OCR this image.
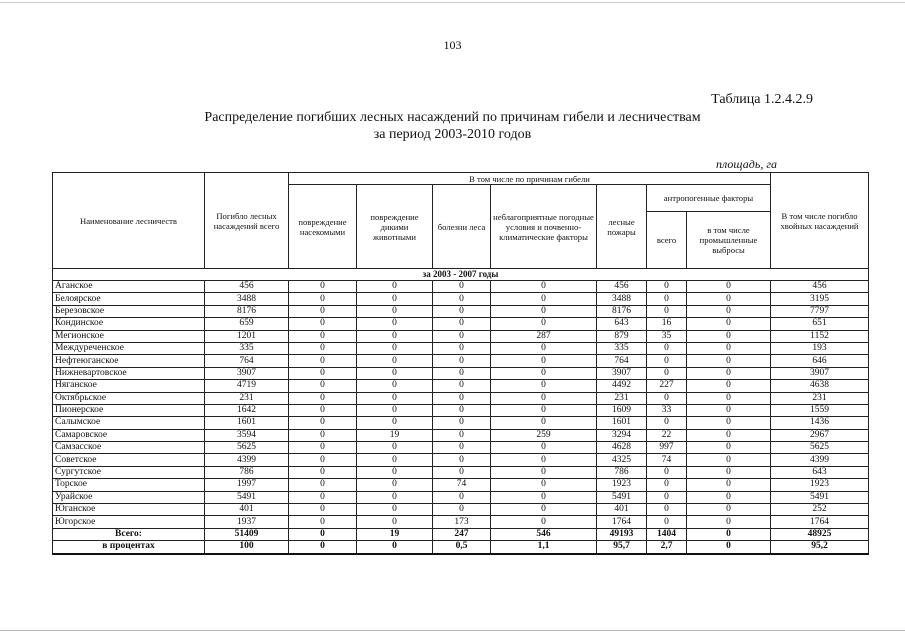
103
Таблица 1.2.4.2.9
Распределение погибших лесных насаждений по причинам гибели и лесничествам
за период 2003-2010 годов
площадь, га
Наименование лесничеств	Погибло лесных насаждений всего	В том числе по причинам гибели							В том числе погибло хвойных насаждений
		повреждение насекомыми	повреждение дикими животными	болезни леса	неблагоприятные погодные условия и почвенно-климатические факторы	лесные пожары	антропогенные факторы		
							всего	в том числе промышленные выбросы	
за 2003 - 2007 годы									
Аганское	456	0	0	0	0	456	0	0	456
Белоярское	3488	0	0	0	0	3488	0	0	3195
Березовское	8176	0	0	0	0	8176	0	0	7797
Кондинское	659	0	0	0	0	643	16	0	651
Мегионское	1201	0	0	0	287	879	35	0	1152
Междуреченское	335	0	0	0	0	335	0	0	193
Нефтеюганское	764	0	0	0	0	764	0	0	646
Нижневартовское	3907	0	0	0	0	3907	0	0	3907
Няганское	4719	0	0	0	0	4492	227	0	4638
Октябрьское	231	0	0	0	0	231	0	0	231
Пионерское	1642	0	0	0	0	1609	33	0	1559
Салымское	1601	0	0	0	0	1601	0	0	1436
Самаровское	3594	0	19	0	259	3294	22	0	2967
Самзасское	5625	0	0	0	0	4628	997	0	5625
Советское	4399	0	0	0	0	4325	74	0	4399
Сургутское	786	0	0	0	0	786	0	0	643
Торское	1997	0	0	74	0	1923	0	0	1923
Урайское	5491	0	0	0	0	5491	0	0	5491
Юганское	401	0	0	0	0	401	0	0	252
Югорское	1937	0	0	173	0	1764	0	0	1764
Всего:	51409	0	19	247	546	49193	1404	0	48925
в процентах	100	0	0	0,5	1,1	95,7	2,7	0	95,2
